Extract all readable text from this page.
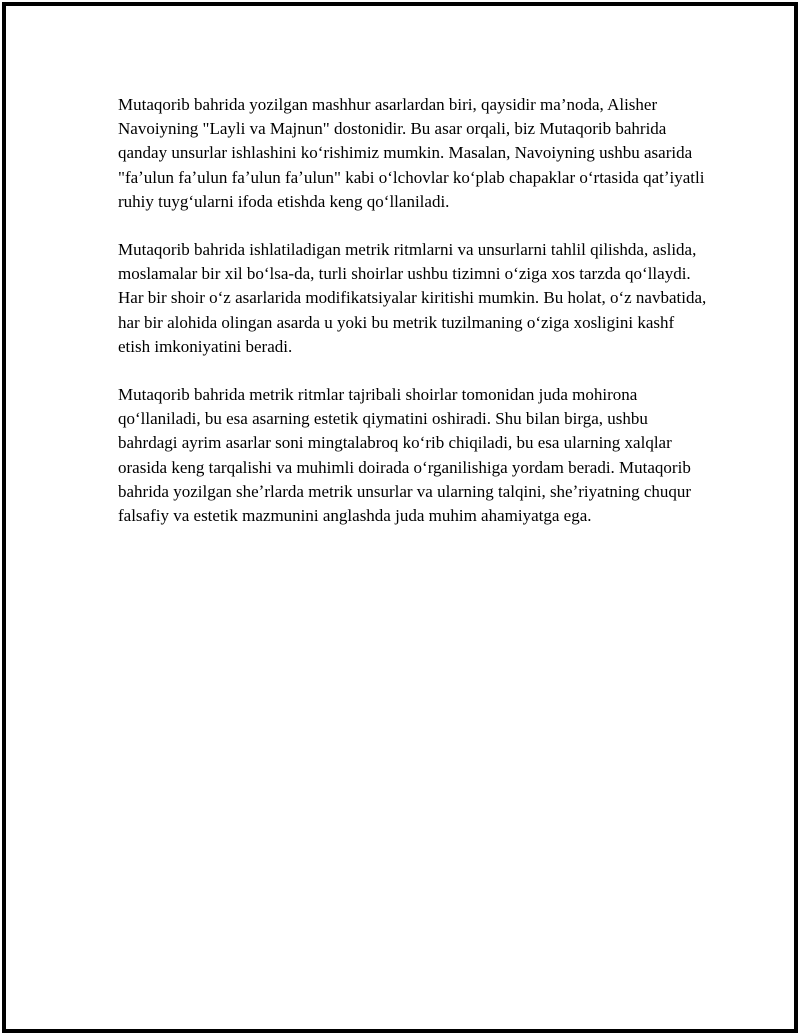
Mutaqorib bahrida yozilgan mashhur asarlardan biri, qaysidir ma’noda, Alisher Navoiyning "Layli va Majnun" dostonidir. Bu asar orqali, biz Mutaqorib bahrida qanday unsurlar ishlashini koʻrishimiz mumkin. Masalan, Navoiyning ushbu asarida "faʼulun faʼulun faʼulun faʼulun" kabi oʻlchovlar koʻplab chapaklar oʻrtasida qatʼiyatli ruhiy tuygʻularni ifoda etishda keng qoʻllaniladi.

Mutaqorib bahrida ishlatiladigan metrik ritmlarni va unsurlarni tahlil qilishda, aslida, moslamalar bir xil boʻlsa-da, turli shoirlar ushbu tizimni oʻziga xos tarzda qoʻllaydi. Har bir shoir oʻz asarlarida modifikatsiyalar kiritishi mumkin. Bu holat, oʻz navbatida, har bir alohida olingan asarda u yoki bu metrik tuzilmaning oʻziga xosligini kashf etish imkoniyatini beradi.

Mutaqorib bahrida metrik ritmlar tajribali shoirlar tomonidan juda mohirona qoʻllaniladi, bu esa asarning estetik qiymatini oshiradi. Shu bilan birga, ushbu bahrdagi ayrim asarlar soni mingtalabroq koʻrib chiqiladi, bu esa ularning xalqlar orasida keng tarqalishi va muhimli doirada oʻrganilishiga yordam beradi. Mutaqorib bahrida yozilgan sheʼrlarda metrik unsurlar va ularning talqini, sheʼriyatning chuqur falsafiy va estetik mazmunini anglashda juda muhim ahamiyatga ega.
